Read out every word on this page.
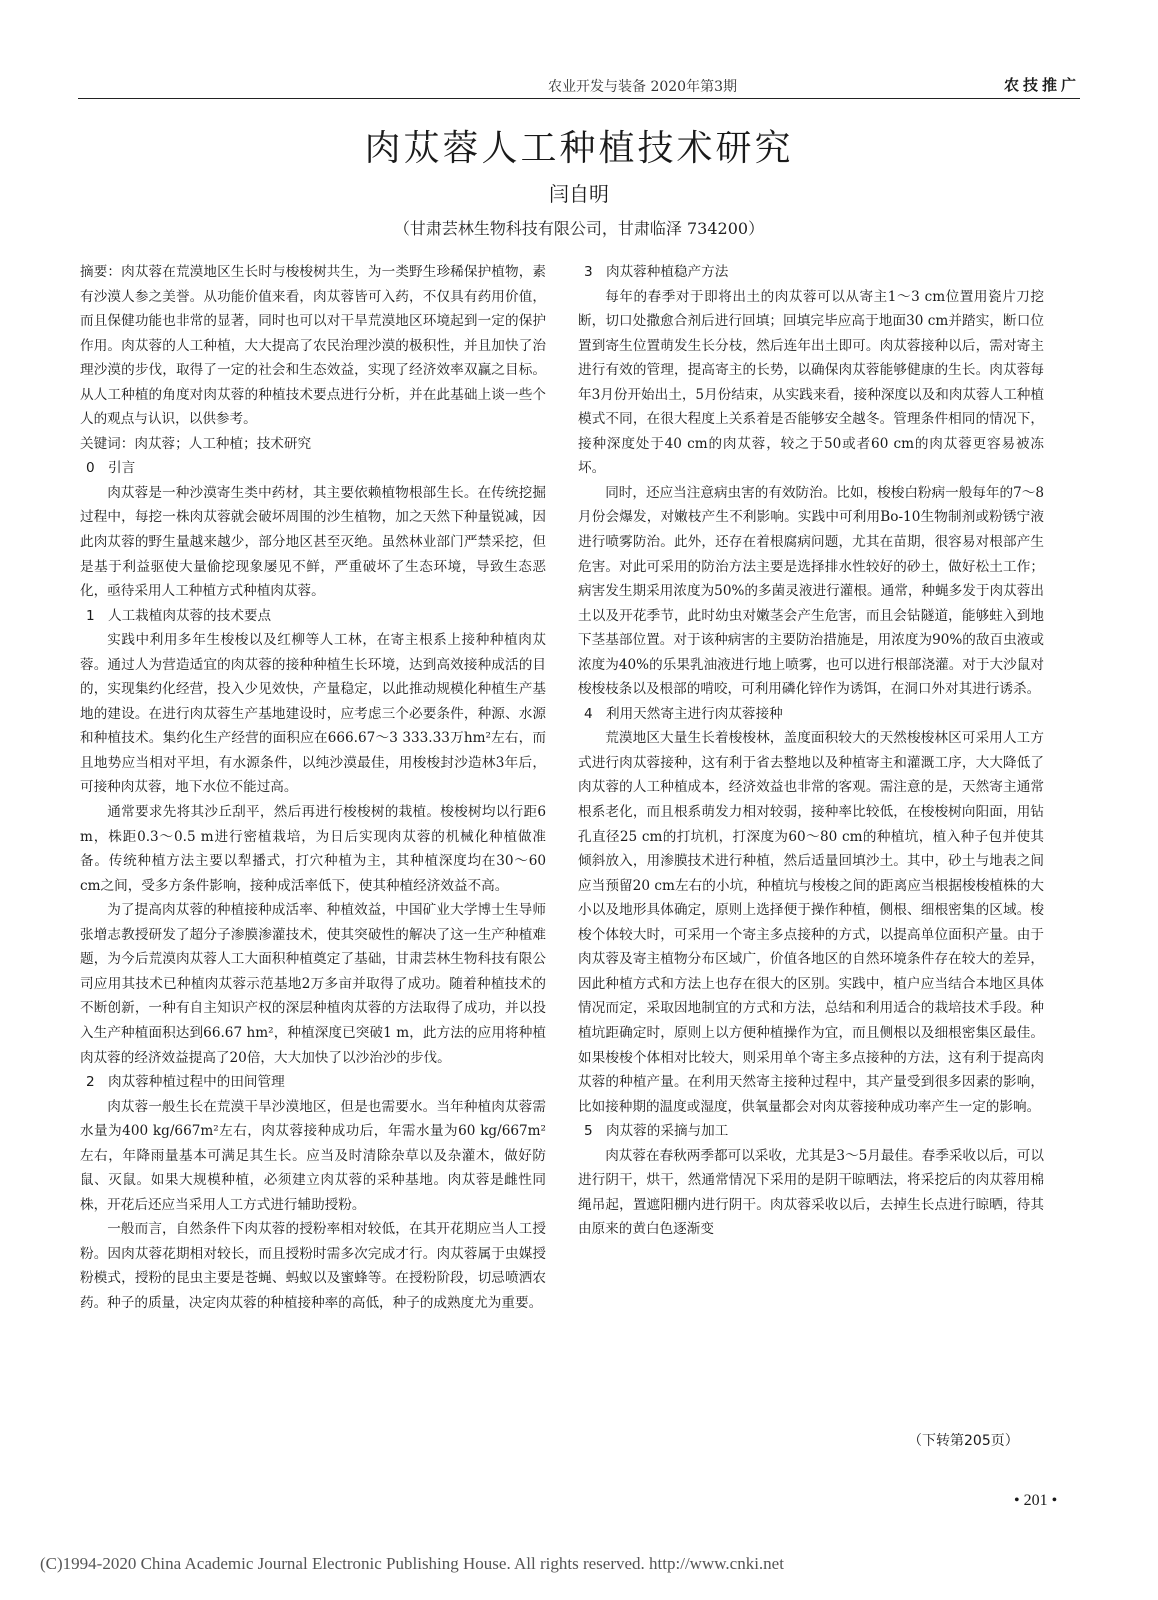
农业开发与装备 2020年第3期	农技推广
肉苁蓉人工种植技术研究
闫自明
（甘肃芸林生物科技有限公司，甘肃临泽 734200）

摘要：肉苁蓉在荒漠地区生长时与梭梭树共生，为一类野生珍稀保护植物，素有沙漠人参之美誉。从功能价值来看，肉苁蓉皆可入药，不仅具有药用价值，而且保健功能也非常的显著，同时也可以对干旱荒漠地区环境起到一定的保护作用。肉苁蓉的人工种植，大大提高了农民治理沙漠的极积性，并且加快了治理沙漠的步伐，取得了一定的社会和生态效益，实现了经济效率双赢之目标。从人工种植的角度对肉苁蓉的种植技术要点进行分析，并在此基础上谈一些个人的观点与认识，以供参考。

关键词：肉苁蓉；人工种植；技术研究

0 引言

肉苁蓉是一种沙漠寄生类中药材，其主要依赖植物根部生长。在传统挖掘过程中，每挖一株肉苁蓉就会破坏周围的沙生植物，加之天然下种量锐减，因此肉苁蓉的野生量越来越少，部分地区甚至灭绝。虽然林业部门严禁采挖，但是基于利益驱使大量偷挖现象屡见不鲜，严重破坏了生态环境，导致生态恶化，亟待采用人工种植方式种植肉苁蓉。

1 人工栽植肉苁蓉的技术要点

实践中利用多年生梭梭以及红柳等人工林，在寄主根系上接种种植肉苁蓉。通过人为营造适宜的肉苁蓉的接种种植生长环境，达到高效接种成活的目的，实现集约化经营，投入少见效快，产量稳定，以此推动规模化种植生产基地的建设。在进行肉苁蓉生产基地建设时，应考虑三个必要条件，种源、水源和种植技术。集约化生产经营的面积应在666.67～3 333.33万hm²左右，而且地势应当相对平坦，有水源条件，以纯沙漠最佳，用梭梭封沙造林3年后，可接种肉苁蓉，地下水位不能过高。

通常要求先将其沙丘刮平，然后再进行梭梭树的栽植。梭梭树均以行距6 m，株距0.3～0.5 m进行密植栽培，为日后实现肉苁蓉的机械化种植做准备。传统种植方法主要以犁播式，打穴种植为主，其种植深度均在30～60 cm之间，受多方条件影响，接种成活率低下，使其种植经济效益不高。

为了提高肉苁蓉的种植接种成活率、种植效益，中国矿业大学博士生导师张增志教授研发了超分子渗膜渗灌技术，使其突破性的解决了这一生产种植难题，为今后荒漠肉苁蓉人工大面积种植奠定了基础，甘肃芸林生物科技有限公司应用其技术已种植肉苁蓉示范基地2万多亩并取得了成功。随着种植技术的不断创新，一种有自主知识产权的深层种植肉苁蓉的方法取得了成功，并以投入生产种植面积达到66.67 hm²，种植深度已突破1 m，此方法的应用将种植肉苁蓉的经济效益提高了20倍，大大加快了以沙治沙的步伐。

2 肉苁蓉种植过程中的田间管理

肉苁蓉一般生长在荒漠干旱沙漠地区，但是也需要水。当年种植肉苁蓉需水量为400 kg/667m²左右，肉苁蓉接种成功后，年需水量为60 kg/667m²左右，年降雨量基本可满足其生长。应当及时清除杂草以及杂灌木，做好防鼠、灭鼠。如果大规模种植，必须建立肉苁蓉的采种基地。肉苁蓉是雌性同株，开花后还应当采用人工方式进行辅助授粉。

一般而言，自然条件下肉苁蓉的授粉率相对较低，在其开花期应当人工授粉。因肉苁蓉花期相对较长，而且授粉时需多次完成才行。肉苁蓉属于虫媒授粉模式，授粉的昆虫主要是苍蝇、蚂蚁以及蜜蜂等。在授粉阶段，切忌喷洒农药。种子的质量，决定肉苁蓉的种植接种率的高低，种子的成熟度尤为重要。

3 肉苁蓉种植稳产方法

每年的春季对于即将出土的肉苁蓉可以从寄主1～3 cm位置用瓷片刀挖断，切口处撒愈合剂后进行回填；回填完毕应高于地面30 cm并踏实，断口位置到寄生位置萌发生长分枝，然后连年出土即可。肉苁蓉接种以后，需对寄主进行有效的管理，提高寄主的长势，以确保肉苁蓉能够健康的生长。肉苁蓉每年3月份开始出土，5月份结束，从实践来看，接种深度以及和肉苁蓉人工种植模式不同，在很大程度上关系着是否能够安全越冬。管理条件相同的情况下，接种深度处于40 cm的肉苁蓉，较之于50或者60 cm的肉苁蓉更容易被冻坏。

同时，还应当注意病虫害的有效防治。比如，梭梭白粉病一般每年的7～8月份会爆发，对嫩枝产生不利影响。实践中可利用Bo-10生物制剂或粉锈宁液进行喷雾防治。此外，还存在着根腐病问题，尤其在苗期，很容易对根部产生危害。对此可采用的防治方法主要是选择排水性较好的砂土，做好松土工作；病害发生期采用浓度为50%的多菌灵液进行灌根。通常，种蝇多发于肉苁蓉出土以及开花季节，此时幼虫对嫩茎会产生危害，而且会钻隧道，能够蛀入到地下茎基部位置。对于该种病害的主要防治措施是，用浓度为90%的敌百虫液或浓度为40%的乐果乳油液进行地上喷雾，也可以进行根部浇灌。对于大沙鼠对梭梭枝条以及根部的啃咬，可利用磷化锌作为诱饵，在洞口外对其进行诱杀。

4 利用天然寄主进行肉苁蓉接种

荒漠地区大量生长着梭梭林，盖度面积较大的天然梭梭林区可采用人工方式进行肉苁蓉接种，这有利于省去整地以及种植寄主和灌溉工序，大大降低了肉苁蓉的人工种植成本，经济效益也非常的客观。需注意的是，天然寄主通常根系老化，而且根系萌发力相对较弱，接种率比较低，在梭梭树向阳面，用钻孔直径25 cm的打坑机，打深度为60～80 cm的种植坑，植入种子包并使其倾斜放入，用渗膜技术进行种植，然后适量回填沙土。其中，砂土与地表之间应当预留20 cm左右的小坑，种植坑与梭梭之间的距离应当根据梭梭植株的大小以及地形具体确定，原则上选择便于操作种植，侧根、细根密集的区域。梭梭个体较大时，可采用一个寄主多点接种的方式，以提高单位面积产量。由于肉苁蓉及寄主植物分布区域广，价值各地区的自然环境条件存在较大的差异，因此种植方式和方法上也存在很大的区别。实践中，植户应当结合本地区具体情况而定，采取因地制宜的方式和方法，总结和利用适合的栽培技术手段。种植坑距确定时，原则上以方便种植操作为宜，而且侧根以及细根密集区最佳。如果梭梭个体相对比较大，则采用单个寄主多点接种的方法，这有利于提高肉苁蓉的种植产量。在利用天然寄主接种过程中，其产量受到很多因素的影响，比如接种期的温度或湿度，供氧量都会对肉苁蓉接种成功率产生一定的影响。

5 肉苁蓉的采摘与加工

肉苁蓉在春秋两季都可以采收，尤其是3～5月最佳。春季采收以后，可以进行阴干，烘干，然通常情况下采用的是阴干晾晒法，将采挖后的肉苁蓉用棉绳吊起，置遮阳棚内进行阴干。肉苁蓉采收以后，去掉生长点进行晾晒，待其由原来的黄白色逐渐变

（下转第205页）
• 201 •
(C)1994-2020 China Academic Journal Electronic Publishing House. All rights reserved. http://www.cnki.net
